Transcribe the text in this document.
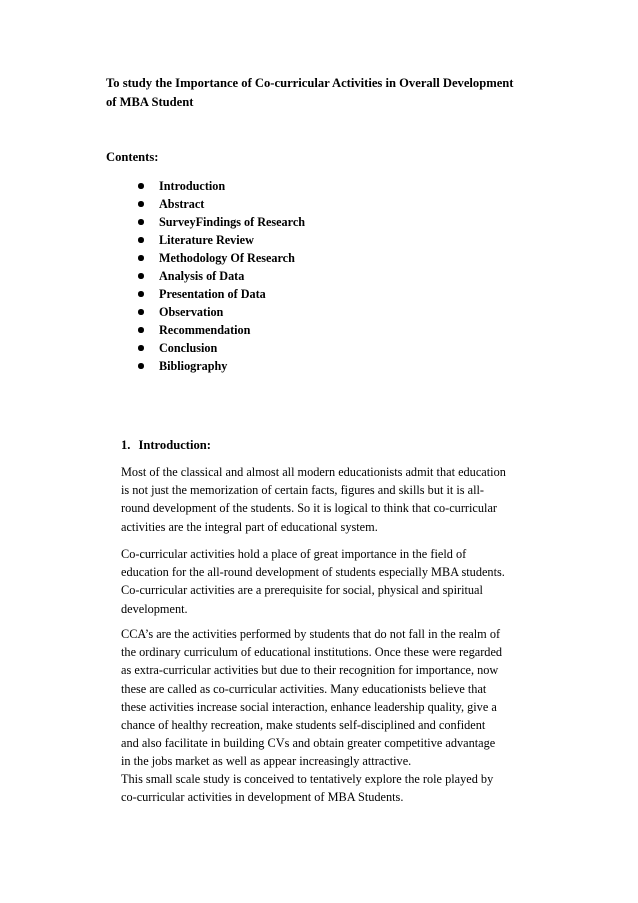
To study the Importance of Co-curricular Activities in Overall Development
of MBA Student

Contents:

Introduction
Abstract
SurveyFindings of Research
Literature Review
Methodology Of Research
Analysis of Data
Presentation of Data
Observation
Recommendation
Conclusion
Bibliography
1. Introduction:

Most of the classical and almost all modern educationists admit that education
is not just the memorization of certain facts, figures and skills but it is all-
round development of the students. So it is logical to think that co-curricular
activities are the integral part of educational system.

Co-curricular activities hold a place of great importance in the field of
education for the all-round development of students especially MBA students.
Co-curricular activities are a prerequisite for social, physical and spiritual
development.

CCA’s are the activities performed by students that do not fall in the realm of
the ordinary curriculum of educational institutions. Once these were regarded
as extra-curricular activities but due to their recognition for importance, now
these are called as co-curricular activities. Many educationists believe that
these activities increase social interaction, enhance leadership quality, give a
chance of healthy recreation, make students self-disciplined and confident
and also facilitate in building CVs and obtain greater competitive advantage
in the jobs market as well as appear increasingly attractive.

This small scale study is conceived to tentatively explore the role played by
co-curricular activities in development of MBA Students.
